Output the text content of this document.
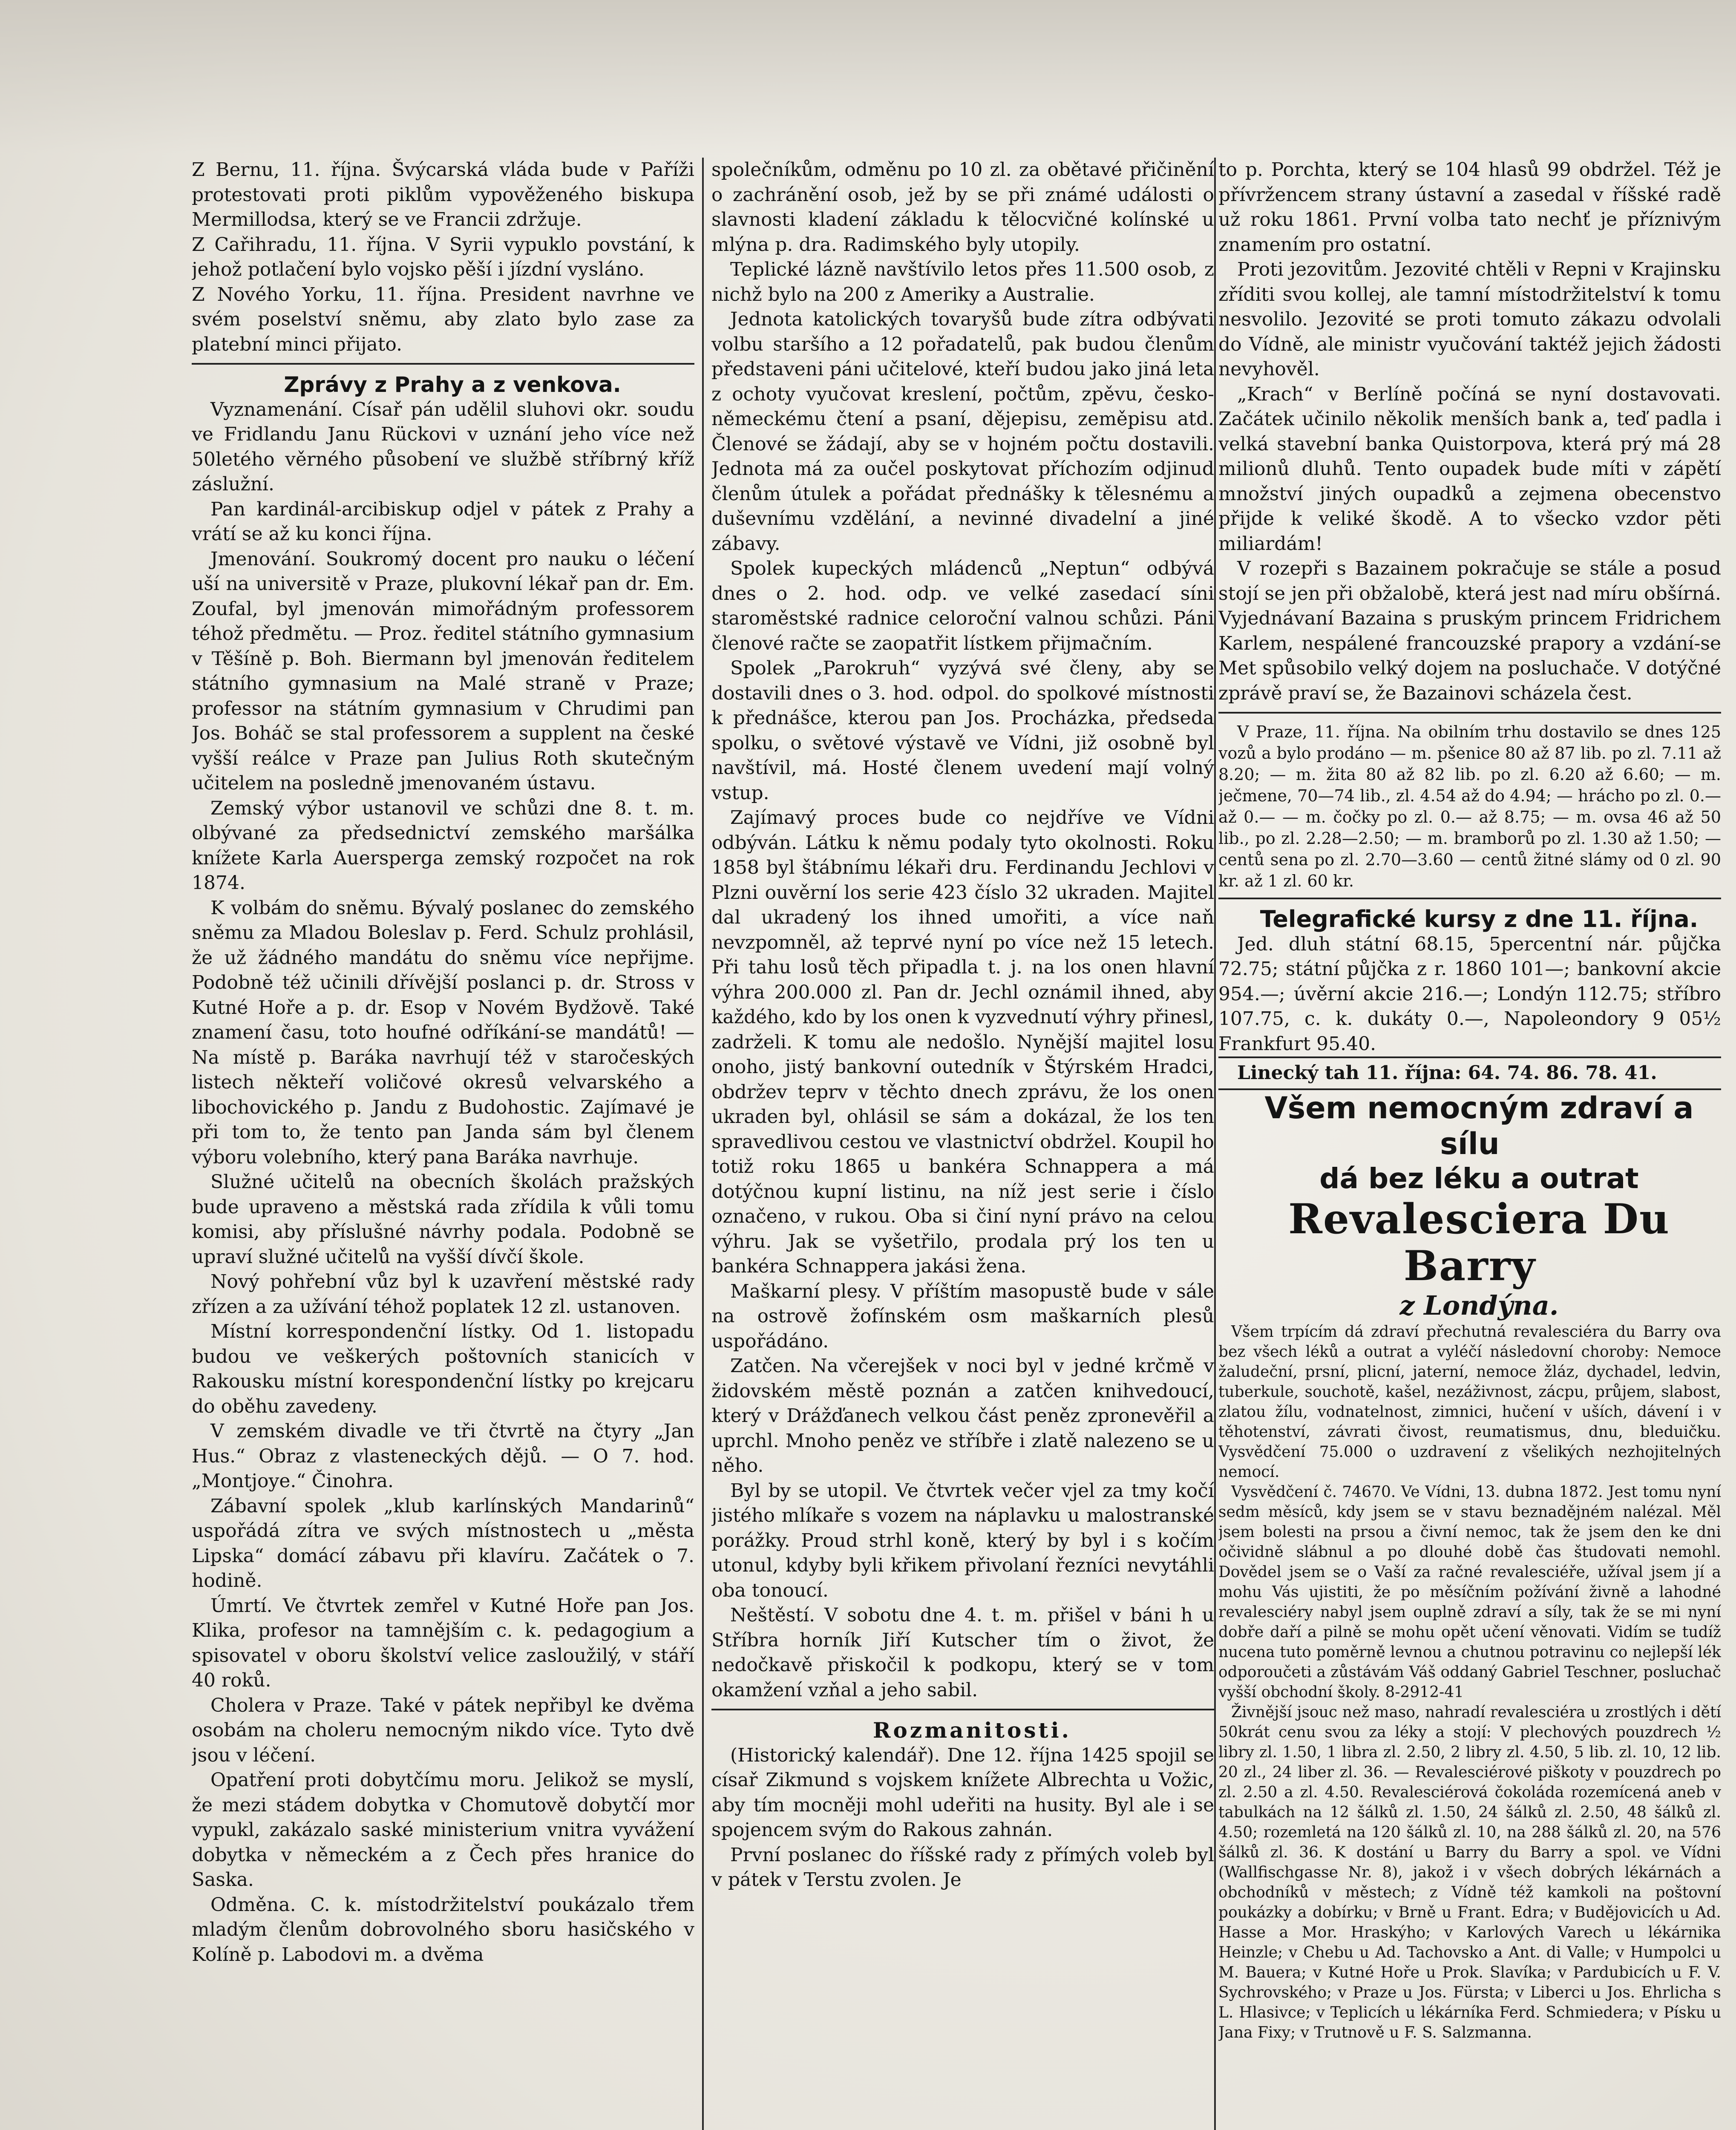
Z Bernu, 11. října. Švýcarská vláda bude v Paříži protestovati proti piklům vypověženého biskupa Mermillodsa, který se ve Francii zdržuje.

Z Cařihradu, 11. října. V Syrii vypuklo povstání, k jehož potlačení bylo vojsko pěší i jízdní vysláno.

Z Nového Yorku, 11. října. President navrhne ve svém poselství sněmu, aby zlato bylo zase za platební minci přijato.

Zprávy z Prahy a z venkova.

Vyznamenání. Císař pán udělil sluhovi okr. soudu ve Fridlandu Janu Rückovi v uznání jeho více než 50letého věrného působení ve službě stříbrný kříž záslužní.

Pan kardinál-arcibiskup odjel v pátek z Prahy a vrátí se až ku konci října.

Jmenování. Soukromý docent pro nauku o léčení uší na universitě v Praze, plukovní lékař pan dr. Em. Zoufal, byl jmenován mimořádným professorem téhož předmětu. — Proz. ředitel státního gymnasium v Těšíně p. Boh. Biermann byl jmenován ředitelem státního gymnasium na Malé straně v Praze; professor na státním gymnasium v Chrudimi pan Jos. Boháč se stal professorem a supplent na české vyšší reálce v Praze pan Julius Roth skutečným učitelem na posledně jmenovaném ústavu.

Zemský výbor ustanovil ve schůzi dne 8. t. m. olbývané za předsednictví zemského maršálka knížete Karla Auersperga zemský rozpočet na rok 1874.

K volbám do sněmu. Bývalý poslanec do zemského sněmu za Mladou Boleslav p. Ferd. Schulz prohlásil, že už žádného mandátu do sněmu více nepřijme. Podobně též učinili dřívější poslanci p. dr. Stross v Kutné Hoře a p. dr. Esop v Novém Bydžově. Také znamení času, toto houfné odříkání-se mandátů! — Na místě p. Baráka navrhují též v staročeských listech někteří voličové okresů velvarského a libochovického p. Jandu z Budohostic. Zajímavé je při tom to, že tento pan Janda sám byl členem výboru volebního, který pana Baráka navrhuje.

Služné učitelů na obecních školách pražských bude upraveno a městská rada zřídila k vůli tomu komisi, aby příslušné návrhy podala. Podobně se upraví služné učitelů na vyšší dívčí škole.

Nový pohřební vůz byl k uzavření městské rady zřízen a za užívání téhož poplatek 12 zl. ustanoven.

Místní korrespondenční lístky. Od 1. listopadu budou ve veškerých poštovních stanicích v Rakousku místní korespondenční lístky po krejcaru do oběhu zavedeny.

V zemském divadle ve tři čtvrtě na čtyry „Jan Hus.“ Obraz z vlasteneckých dějů. — O 7. hod. „Montjoye.“ Činohra.

Zábavní spolek „klub karlínských Mandarinů“ uspořádá zítra ve svých místnostech u „města Lipska“ domácí zábavu při klavíru. Začátek o 7. hodině.

Úmrtí. Ve čtvrtek zemřel v Kutné Hoře pan Jos. Klika, profesor na tamnějším c. k. pedagogium a spisovatel v oboru školství velice zasloužilý, v stáří 40 roků.

Cholera v Praze. Také v pátek nepřibyl ke dvěma osobám na choleru nemocným nikdo více. Tyto dvě jsou v léčení.

Opatření proti dobytčímu moru. Jelikož se myslí, že mezi stádem dobytka v Chomutově dobytčí mor vypukl, zakázalo saské ministerium vnitra vyvážení dobytka v německém a z Čech přes hranice do Saska.

Odměna. C. k. místodržitelství poukázalo třem mladým členům dobrovolného sboru hasičského v Kolíně p. Labodovi m. a dvěma

společníkům, odměnu po 10 zl. za obětavé přičinění o zachránění osob, jež by se při známé události o slavnosti kladení základu k tělocvičné kolínské u mlýna p. dra. Radimského byly utopily.

Teplické lázně navštívilo letos přes 11.500 osob, z nichž bylo na 200 z Ameriky a Australie.

Jednota katolických tovaryšů bude zítra odbývati volbu staršího a 12 pořadatelů, pak budou členům představeni páni učitelové, kteří budou jako jiná leta z ochoty vyučovat kreslení, počtům, zpěvu, česko-německému čtení a psaní, dějepisu, zeměpisu atd. Členové se žádají, aby se v hojném počtu dostavili. Jednota má za oučel poskytovat příchozím odjinud členům útulek a pořádat přednášky k tělesnému a duševnímu vzdělání, a nevinné divadelní a jiné zábavy.

Spolek kupeckých mládenců „Neptun“ odbývá dnes o 2. hod. odp. ve velké zasedací síni staroměstské radnice celoroční valnou schůzi. Páni členové račte se zaopatřit lístkem přijmačním.

Spolek „Parokruh“ vyzývá své členy, aby se dostavili dnes o 3. hod. odpol. do spolkové místnosti k přednášce, kterou pan Jos. Procházka, předseda spolku, o světové výstavě ve Vídni, již osobně byl navštívil, má. Hosté členem uvedení mají volný vstup.

Zajímavý proces bude co nejdříve ve Vídni odbýván. Látku k němu podaly tyto okolnosti. Roku 1858 byl štábnímu lékaři dru. Ferdinandu Jechlovi v Plzni ouvěrní los serie 423 číslo 32 ukraden. Majitel dal ukradený los ihned umořiti, a více naň nevzpomněl, až teprvé nyní po více než 15 letech. Při tahu losů těch připadla t. j. na los onen hlavní výhra 200.000 zl. Pan dr. Jechl oznámil ihned, aby každého, kdo by los onen k vyzvednutí výhry přinesl, zadrželi. K tomu ale nedošlo. Nynější majitel losu onoho, jistý bankovní outedník v Štýrském Hradci, obdržev teprv v těchto dnech zprávu, že los onen ukraden byl, ohlásil se sám a dokázal, že los ten spravedlivou cestou ve vlastnictví obdržel. Koupil ho totiž roku 1865 u bankéra Schnappera a má dotýčnou kupní listinu, na níž jest serie i číslo označeno, v rukou. Oba si činí nyní právo na celou výhru. Jak se vyšetřilo, prodala prý los ten u bankéra Schnappera jakási žena.

Maškarní plesy. V příštím masopustě bude v sále na ostrově žofínském osm maškarních plesů uspořádáno.

Zatčen. Na včerejšek v noci byl v jedné krčmě v židovském městě poznán a zatčen knihvedoucí, který v Drážďanech velkou část peněz zpronevěřil a uprchl. Mnoho peněz ve stříbře i zlatě nalezeno se u něho.

Byl by se utopil. Ve čtvrtek večer vjel za tmy kočí jistého mlíkaře s vozem na náplavku u malostranské porážky. Proud strhl koně, který by byl i s kočím utonul, kdyby byli křikem přivolaní řezníci nevytáhli oba tonoucí.

Neštěstí. V sobotu dne 4. t. m. přišel v báni h u Stříbra horník Jiří Kutscher tím o život, že nedočkavě přiskočil k podkopu, který se v tom okamžení vzňal a jeho sabil.

Rozmanitosti.

(Historický kalendář). Dne 12. října 1425 spojil se císař Zikmund s vojskem knížete Albrechta u Vožic, aby tím mocněji mohl udeřiti na husity. Byl ale i se spojencem svým do Rakous zahnán.

První poslanec do říšské rady z přímých voleb byl v pátek v Terstu zvolen. Je

to p. Porchta, který se 104 hlasů 99 obdržel. Též je přívržencem strany ústavní a zasedal v říšské radě už roku 1861. První volba tato nechť je příznivým znamením pro ostatní.

Proti jezovitům. Jezovité chtěli v Repni v Krajinsku zříditi svou kollej, ale tamní místodržitelství k tomu nesvolilo. Jezovité se proti tomuto zákazu odvolali do Vídně, ale ministr vyučování taktéž jejich žádosti nevyhověl.

„Krach“ v Berlíně počíná se nyní dostavovati. Začátek učinilo několik menších bank a, teď padla i velká stavební banka Quistorpova, která prý má 28 milionů dluhů. Tento oupadek bude míti v zápětí množství jiných oupadků a zejmena obecenstvo přijde k veliké škodě. A to všecko vzdor pěti miliardám!

V rozepři s Bazainem pokračuje se stále a posud stojí se jen při obžalobě, která jest nad míru obšírná. Vyjednávaní Bazaina s pruským princem Fridrichem Karlem, nespálené francouzské prapory a vzdání-se Met spůsobilo velký dojem na posluchače. V dotýčné zprávě praví se, že Bazainovi scházela čest.

V Praze, 11. října. Na obilním trhu dostavilo se dnes 125 vozů a bylo prodáno — m. pšenice 80 až 87 lib. po zl. 7.11 až 8.20; — m. žita 80 až 82 lib. po zl. 6.20 až 6.60; — m. ječmene, 70—74 lib., zl. 4.54 až do 4.94; — hrácho po zl. 0.— až 0.— — m. čočky po zl. 0.— až 8.75; — m. ovsa 46 až 50 lib., po zl. 2.28—2.50; — m. bramborů po zl. 1.30 až 1.50; — centů sena po zl. 2.70—3.60 — centů žitné slámy od 0 zl. 90 kr. až 1 zl. 60 kr.

Telegrafické kursy z dne 11. října.

Jed. dluh státní 68.15, 5percentní nár. půjčka 72.75; státní půjčka z r. 1860 101—; bankovní akcie 954.—; úvěrní akcie 216.—; Londýn 112.75; stříbro 107.75, c. k. dukáty 0.—, Napoleondory 9 05½ Frankfurt 95.40.

Linecký tah 11. října: 64. 74. 86. 78. 41.

Všem nemocným zdraví a sílu

dá bez léku a outrat

Revalesciera Du Barry

z Londýna.

Všem trpícím dá zdraví přechutná revalesciéra du Barry ova bez všech léků a outrat a vyléčí následovní choroby: Nemoce žaludeční, prsní, plicní, jaterní, nemoce žláz, dychadel, ledvin, tuberkule, souchotě, kašel, nezáživnost, zácpu, průjem, slabost, zlatou žílu, vodnatelnost, zimnici, hučení v uších, dávení i v těhotenství, závrati čivost, reumatismus, dnu, bleduičku. Vysvědčení 75.000 o uzdravení z všelikých nezhojitelných nemocí.

Vysvědčení č. 74670. Ve Vídni, 13. dubna 1872. Jest tomu nyní sedm měsíců, kdy jsem se v stavu beznadějném nalézal. Měl jsem bolesti na prsou a čivní nemoc, tak že jsem den ke dni očividně slábnul a po dlouhé době čas študovati nemohl. Dovědel jsem se o Vaší za račné revalesciéře, užíval jsem jí a mohu Vás ujistiti, že po měsíčním požívání živně a lahodné revalesciéry nabyl jsem ouplně zdraví a síly, tak že se mi nyní dobře daří a pilně se mohu opět učení věnovati. Vidím se tudíž nucena tuto poměrně levnou a chutnou potravinu co nejlepší lék odporoučeti a zůstávám Váš oddaný Gabriel Teschner, posluchač vyšší obchodní školy. 8-2912-41

Živnější jsouc než maso, nahradí revalesciéra u zrostlých i dětí 50krát cenu svou za léky a stojí: V plechových pouzdrech ½ libry zl. 1.50, 1 libra zl. 2.50, 2 libry zl. 4.50, 5 lib. zl. 10, 12 lib. 20 zl., 24 liber zl. 36. — Revalesciérové piškoty v pouzdrech po zl. 2.50 a zl. 4.50. Revalesciérová čokoláda rozemícená aneb v tabulkách na 12 šálků zl. 1.50, 24 šálků zl. 2.50, 48 šálků zl. 4.50; rozemletá na 120 šálků zl. 10, na 288 šálků zl. 20, na 576 šálků zl. 36. K dostání u Barry du Barry a spol. ve Vídni (Wallfischgasse Nr. 8), jakož i v všech dobrých lékárnách a obchodníků v městech; z Vídně též kamkoli na poštovní poukázky a dobírku; v Brně u Frant. Edra; v Budějovicích u Ad. Hasse a Mor. Hraskýho; v Karlových Varech u lékárnika Heinzle; v Chebu u Ad. Tachovsko a Ant. di Valle; v Humpolci u M. Bauera; v Kutné Hoře u Prok. Slavíka; v Pardubicích u F. V. Sychrovského; v Praze u Jos. Fürsta; v Liberci u Jos. Ehrlicha s L. Hlasivce; v Teplicích u lékárníka Ferd. Schmiedera; v Písku u Jana Fixy; v Trutnově u F. S. Salzmanna.
